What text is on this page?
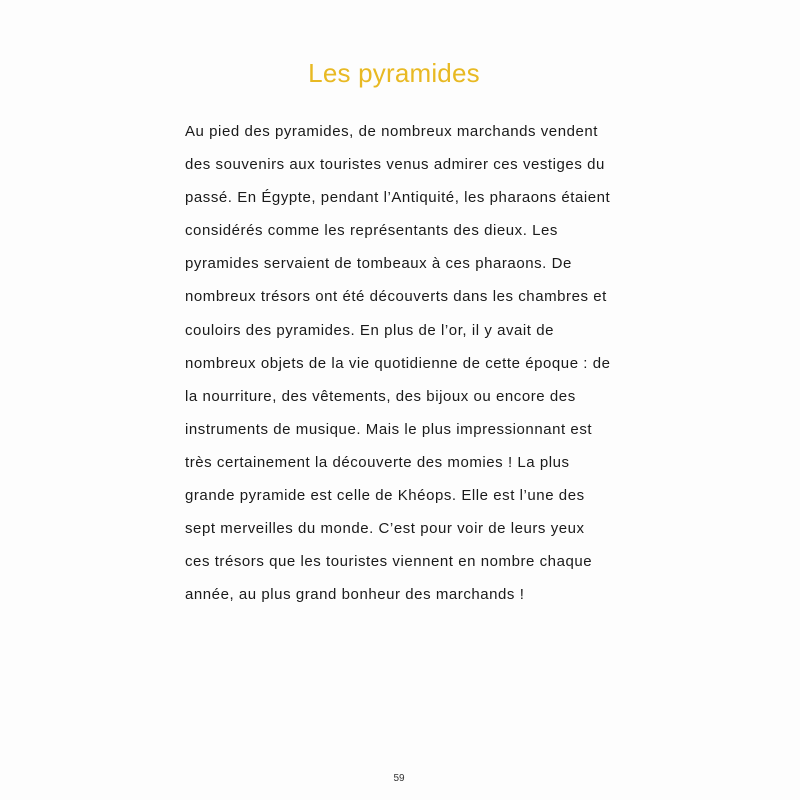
Les pyramides

Au pied des pyramides, de nombreux marchands vendent
des souvenirs aux touristes venus admirer ces vestiges du
passé. En Égypte, pendant l’Antiquité, les pharaons étaient
considérés comme les représentants des dieux. Les
pyramides servaient de tombeaux à ces pharaons. De
nombreux trésors ont été découverts dans les chambres et
couloirs des pyramides. En plus de l’or, il y avait de
nombreux objets de la vie quotidienne de cette époque : de
la nourriture, des vêtements, des bijoux ou encore des
instruments de musique. Mais le plus impressionnant est
très certainement la découverte des momies ! La plus
grande pyramide est celle de Khéops. Elle est l’une des
sept merveilles du monde. C’est pour voir de leurs yeux
ces trésors que les touristes viennent en nombre chaque
année, au plus grand bonheur des marchands !

59
